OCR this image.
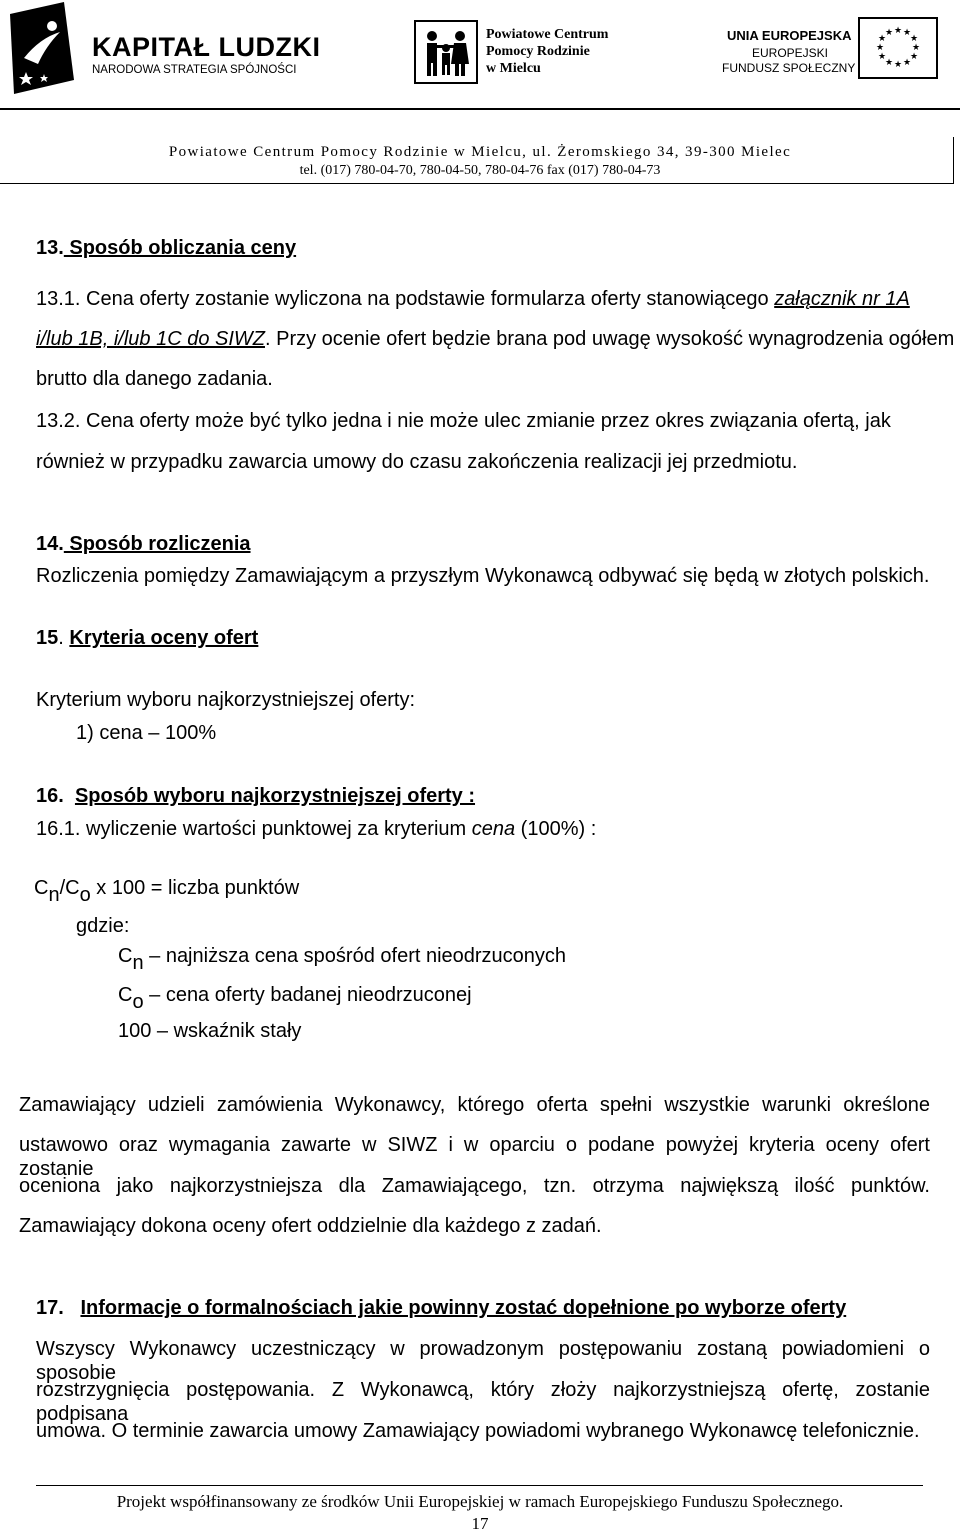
KAPITAŁ LUDZKI
NARODOWA STRATEGIA SPÓJNOŚCI
Powiatowe Centrum
Pomocy Rodzinie
w Mielcu
UNIA EUROPEJSKA
EUROPEJSKI
FUNDUSZ SPOŁECZNY
★ ★
★
★
★
★
★
★
★
★
★
★
Powiatowe Centrum Pomocy Rodzinie w Mielcu, ul. Żeromskiego 34, 39-300 Mielec
tel. (017) 780-04-70, 780-04-50, 780-04-76 fax (017) 780-04-73
13. Sposób obliczania ceny
13.1. Cena oferty zostanie wyliczona na podstawie formularza oferty stanowiącego załącznik nr 1A
i/lub 1B, i/lub 1C do SIWZ. Przy ocenie ofert będzie brana pod uwagę wysokość wynagrodzenia ogółem
brutto dla danego zadania.
13.2. Cena oferty może być tylko jedna i nie może ulec zmianie przez okres związania ofertą, jak
również w przypadku zawarcia umowy do czasu zakończenia realizacji jej przedmiotu.
14. Sposób rozliczenia
Rozliczenia pomiędzy Zamawiającym a przyszłym Wykonawcą odbywać się będą w złotych polskich.
15. Kryteria oceny ofert
Kryterium wyboru najkorzystniejszej oferty:
1) cena – 100%
16. Sposób wyboru najkorzystniejszej oferty :
16.1. wyliczenie wartości punktowej za kryterium cena (100%) :
$C_n/C_o$ x 100 = liczba punktów
gdzie:
$C_n$ – najniższa cena spośród ofert nieodrzuconych
$C_o$ – cena oferty badanej nieodrzuconej
100 – wskaźnik stały
Zamawiający udzieli zamówienia Wykonawcy, którego oferta spełni wszystkie warunki określone
ustawowo oraz wymagania zawarte w SIWZ i w oparciu o podane powyżej kryteria oceny ofert zostanie
oceniona jako najkorzystniejsza dla Zamawiającego, tzn. otrzyma największą ilość punktów.
Zamawiający dokona oceny ofert oddzielnie dla każdego z zadań.
17. Informacje o formalnościach jakie powinny zostać dopełnione po wyborze oferty
Wszyscy Wykonawcy uczestniczący w prowadzonym postępowaniu zostaną powiadomieni o sposobie
rozstrzygnięcia postępowania. Z Wykonawcą, który złoży najkorzystniejszą ofertę, zostanie podpisana
umowa. O terminie zawarcia umowy Zamawiający powiadomi wybranego Wykonawcę telefonicznie.
Projekt współfinansowany ze środków Unii Europejskiej w ramach Europejskiego Funduszu Społecznego.
17
